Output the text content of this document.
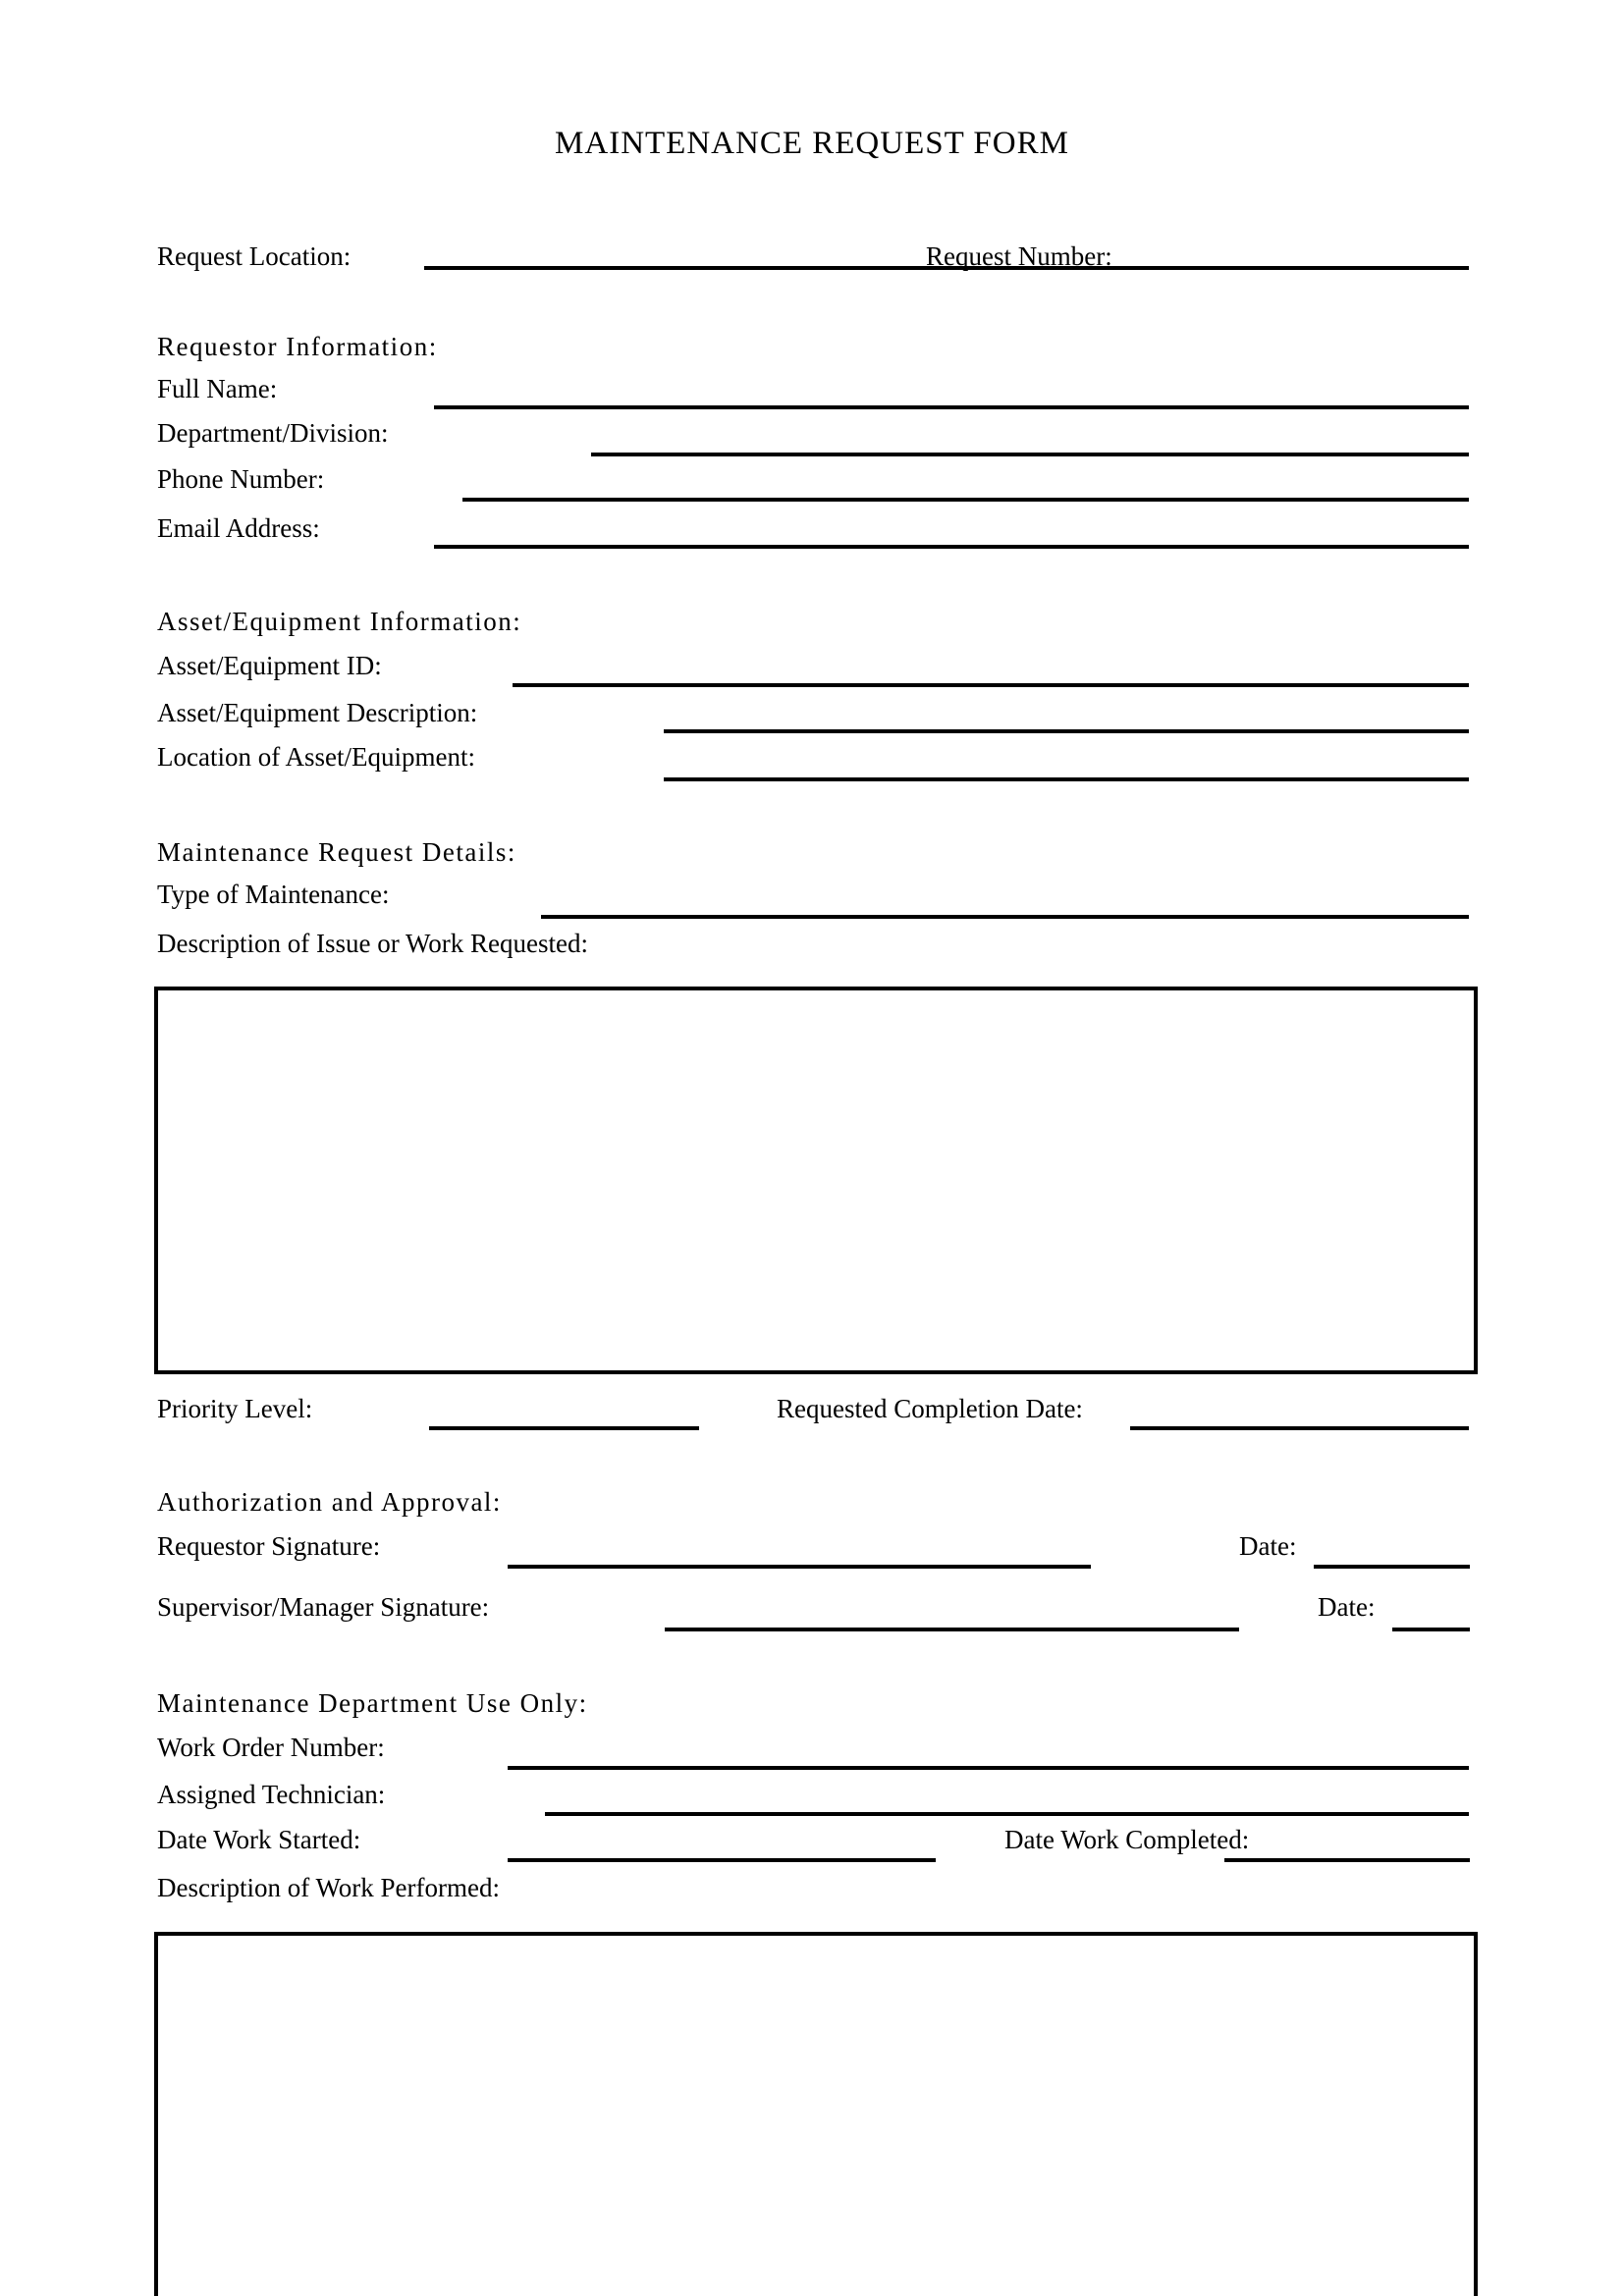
MAINTENANCE REQUEST FORM
Request Location:	Request Number:
Requestor Information:
Full Name:
Department/Division:
Phone Number:
Email Address:
Asset/Equipment Information:
Asset/Equipment ID:
Asset/Equipment Description:
Location of Asset/Equipment:
Maintenance Request Details:
Type of Maintenance:
Description of Issue or Work Requested:
Priority Level:	Requested Completion Date:
Authorization and Approval:
Requestor Signature:	Date:
Supervisor/Manager Signature:	Date:
Maintenance Department Use Only:
Work Order Number:
Assigned Technician:
Date Work Started:	Date Work Completed:
Description of Work Performed:
